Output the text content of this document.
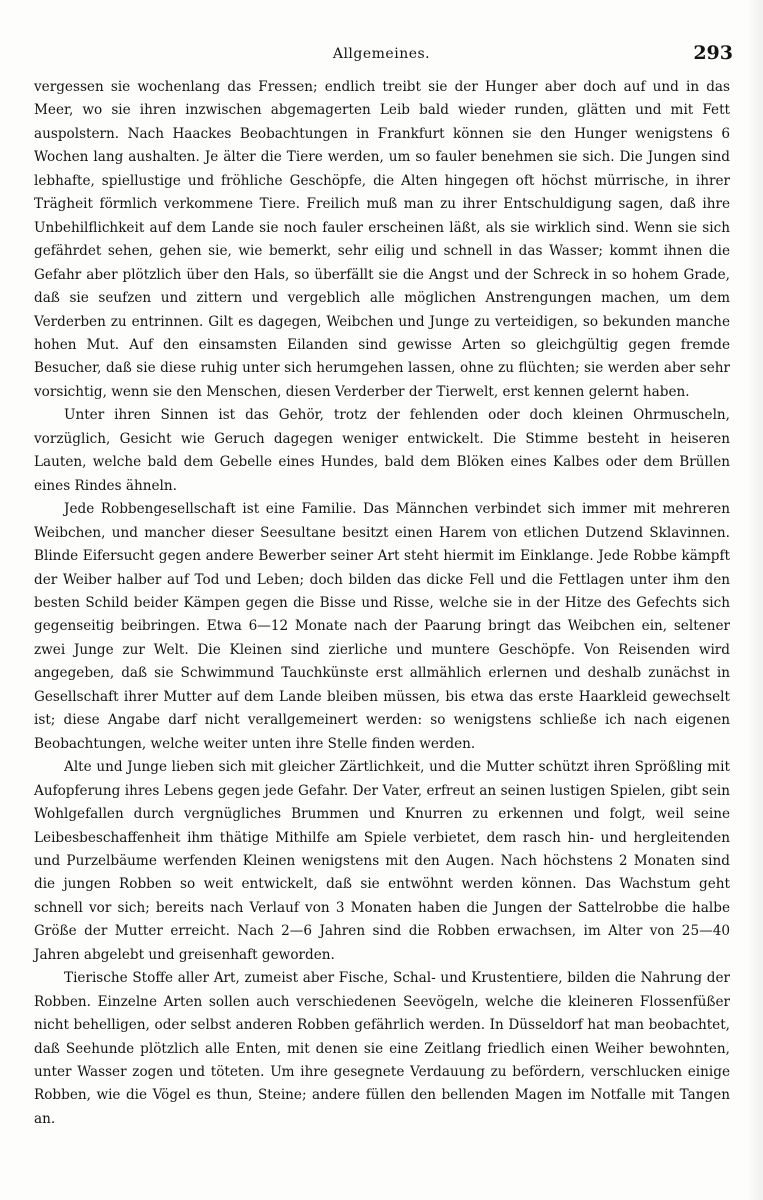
Allgemeines.	293

vergessen sie wochenlang das Fressen; endlich treibt sie der Hunger aber doch auf und in das Meer, wo sie ihren inzwischen abgemagerten Leib bald wieder runden, glätten und mit Fett auspolstern. Nach Haackes Beobachtungen in Frankfurt können sie den Hunger wenigstens 6 Wochen lang aushalten. Je älter die Tiere werden, um so fauler benehmen sie sich. Die Jungen sind lebhafte, spiellustige und fröhliche Geschöpfe, die Alten hingegen oft höchst mürrische, in ihrer Trägheit förmlich verkommene Tiere. Freilich muß man zu ihrer Entschuldigung sagen, daß ihre Unbehilflichkeit auf dem Lande sie noch fauler erscheinen läßt, als sie wirklich sind. Wenn sie sich gefährdet sehen, gehen sie, wie bemerkt, sehr eilig und schnell in das Wasser; kommt ihnen die Gefahr aber plötzlich über den Hals, so überfällt sie die Angst und der Schreck in so hohem Grade, daß sie seufzen und zittern und vergeblich alle möglichen Anstrengungen machen, um dem Verderben zu entrinnen. Gilt es dagegen, Weibchen und Junge zu verteidigen, so bekunden manche hohen Mut. Auf den einsamsten Eilanden sind gewisse Arten so gleichgültig gegen fremde Besucher, daß sie diese ruhig unter sich herumgehen lassen, ohne zu flüchten; sie werden aber sehr vorsichtig, wenn sie den Menschen, diesen Verderber der Tierwelt, erst kennen gelernt haben.

Unter ihren Sinnen ist das Gehör, trotz der fehlenden oder doch kleinen Ohrmuscheln, vorzüglich, Gesicht wie Geruch dagegen weniger entwickelt. Die Stimme besteht in heiseren Lauten, welche bald dem Gebelle eines Hundes, bald dem Blöken eines Kalbes oder dem Brüllen eines Rindes ähneln.

Jede Robbengesellschaft ist eine Familie. Das Männchen verbindet sich immer mit mehreren Weibchen, und mancher dieser Seesultane besitzt einen Harem von etlichen Dutzend Sklavinnen. Blinde Eifersucht gegen andere Bewerber seiner Art steht hiermit im Einklange. Jede Robbe kämpft der Weiber halber auf Tod und Leben; doch bilden das dicke Fell und die Fettlagen unter ihm den besten Schild beider Kämpen gegen die Bisse und Risse, welche sie in der Hitze des Gefechts sich gegenseitig beibringen. Etwa 6—12 Monate nach der Paarung bringt das Weibchen ein, seltener zwei Junge zur Welt. Die Kleinen sind zierliche und muntere Geschöpfe. Von Reisenden wird angegeben, daß sie Schwimmund Tauchkünste erst allmählich erlernen und deshalb zunächst in Gesellschaft ihrer Mutter auf dem Lande bleiben müssen, bis etwa das erste Haarkleid gewechselt ist; diese Angabe darf nicht verallgemeinert werden: so wenigstens schließe ich nach eigenen Beobachtungen, welche weiter unten ihre Stelle finden werden.

Alte und Junge lieben sich mit gleicher Zärtlichkeit, und die Mutter schützt ihren Sprößling mit Aufopferung ihres Lebens gegen jede Gefahr. Der Vater, erfreut an seinen lustigen Spielen, gibt sein Wohlgefallen durch vergnügliches Brummen und Knurren zu erkennen und folgt, weil seine Leibesbeschaffenheit ihm thätige Mithilfe am Spiele verbietet, dem rasch hin- und hergleitenden und Purzelbäume werfenden Kleinen wenigstens mit den Augen. Nach höchstens 2 Monaten sind die jungen Robben so weit entwickelt, daß sie entwöhnt werden können. Das Wachstum geht schnell vor sich; bereits nach Verlauf von 3 Monaten haben die Jungen der Sattelrobbe die halbe Größe der Mutter erreicht. Nach 2—6 Jahren sind die Robben erwachsen, im Alter von 25—40 Jahren abgelebt und greisenhaft geworden.

Tierische Stoffe aller Art, zumeist aber Fische, Schal- und Krustentiere, bilden die Nahrung der Robben. Einzelne Arten sollen auch verschiedenen Seevögeln, welche die kleineren Flossenfüßer nicht behelligen, oder selbst anderen Robben gefährlich werden. In Düsseldorf hat man beobachtet, daß Seehunde plötzlich alle Enten, mit denen sie eine Zeitlang friedlich einen Weiher bewohnten, unter Wasser zogen und töteten. Um ihre gesegnete Verdauung zu befördern, verschlucken einige Robben, wie die Vögel es thun, Steine; andere füllen den bellenden Magen im Notfalle mit Tangen an.
